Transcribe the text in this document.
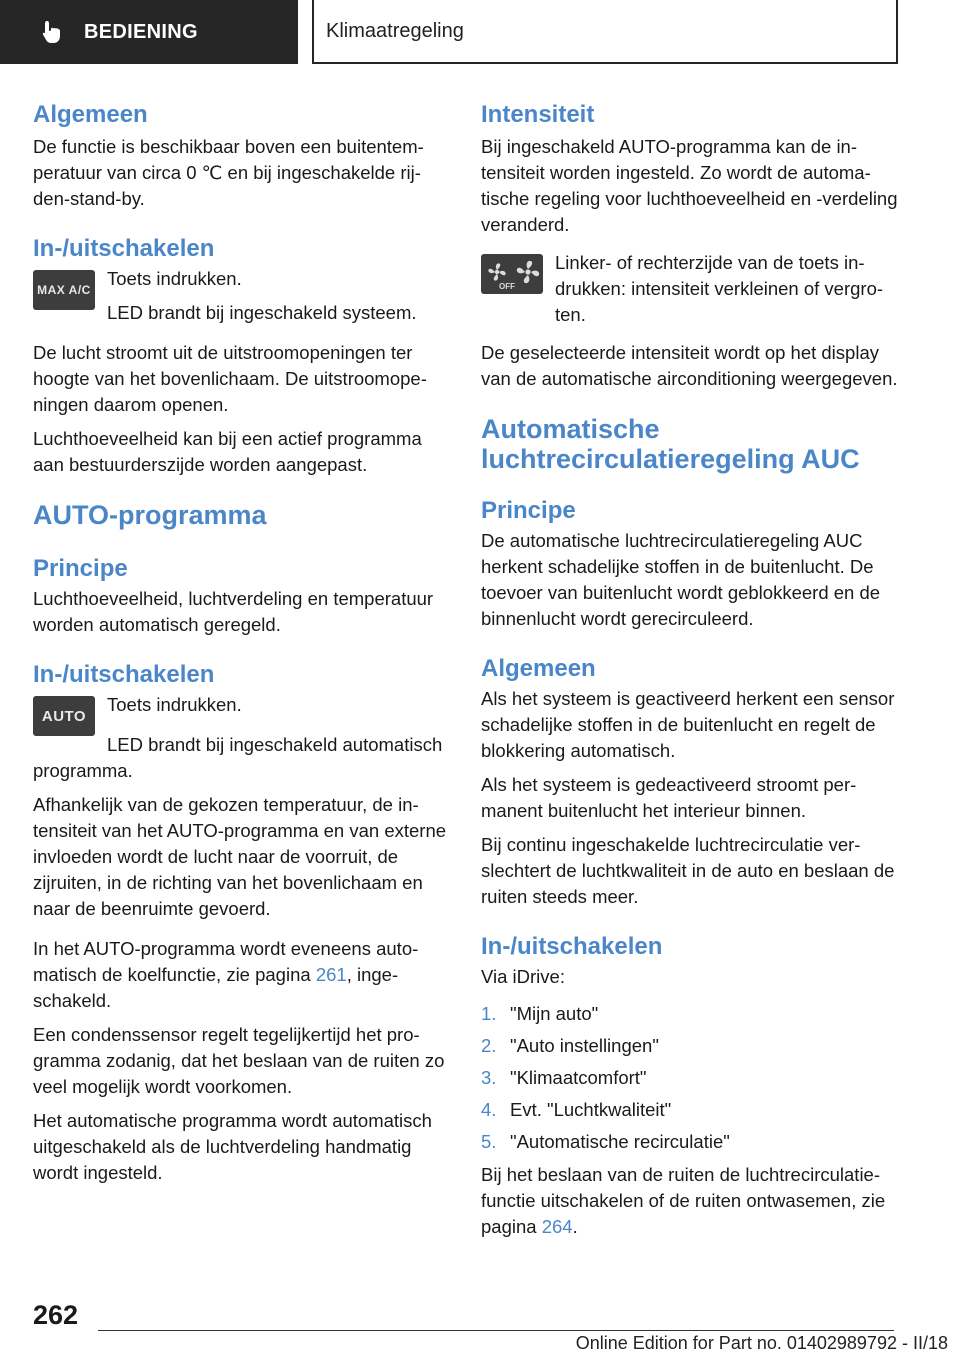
BEDIENING	Klimaatregeling
Algemeen

De functie is beschikbaar boven een buitentemperatuur van circa 0 ℃ en bij ingeschakelde rijden-stand-by.

In-/uitschakelen
MAX A/C

Toets indrukken.

LED brandt bij ingeschakeld systeem.

De lucht stroomt uit de uitstroomopeningen ter hoogte van het bovenlichaam. De uitstroomopeningen daarom openen.

Luchthoeveelheid kan bij een actief programma aan bestuurderszijde worden aangepast.

AUTO-programma
Principe

Luchthoeveelheid, luchtverdeling en temperatuur worden automatisch geregeld.

In-/uitschakelen
AUTO

Toets indrukken.

LED brandt bij ingeschakeld automatisch programma.

Afhankelijk van de gekozen temperatuur, de intensiteit van het AUTO-programma en van externe invloeden wordt de lucht naar de voorruit, de zijruiten, in de richting van het bovenlichaam en naar de beenruimte gevoerd.

In het AUTO-programma wordt eveneens automatisch de koelfunctie, zie pagina 261, ingeschakeld.

Een condenssensor regelt tegelijkertijd het programma zodanig, dat het beslaan van de ruiten zo veel mogelijk wordt voorkomen.

Het automatische programma wordt automatisch uitgeschakeld als de luchtverdeling handmatig wordt ingesteld.

Intensiteit

Bij ingeschakeld AUTO-programma kan de intensiteit worden ingesteld. Zo wordt de automatische regeling voor luchthoeveelheid en -verdeling veranderd.

OFF

Linker- of rechterzijde van de toets indrukken: intensiteit verkleinen of vergroten.

De geselecteerde intensiteit wordt op het display van de automatische airconditioning weergegeven.

Automatische luchtrecirculatieregeling AUC
Principe

De automatische luchtrecirculatieregeling AUC herkent schadelijke stoffen in de buitenlucht. De toevoer van buitenlucht wordt geblokkeerd en de binnenlucht wordt gerecirculeerd.

Algemeen

Als het systeem is geactiveerd herkent een sensor schadelijke stoffen in de buitenlucht en regelt de blokkering automatisch.

Als het systeem is gedeactiveerd stroomt permanent buitenlucht het interieur binnen.

Bij continu ingeschakelde luchtrecirculatie verslechtert de luchtkwaliteit in de auto en beslaan de ruiten steeds meer.

In-/uitschakelen

Via iDrive:

1. "Mijn auto"
2. "Auto instellingen"
3. "Klimaatcomfort"
4. Evt. "Luchtkwaliteit"
5. "Automatische recirculatie"

Bij het beslaan van de ruiten de luchtrecirculatiefunctie uitschakelen of de ruiten ontwasemen, zie pagina 264.

262
Online Edition for Part no. 01402989792 - II/18
